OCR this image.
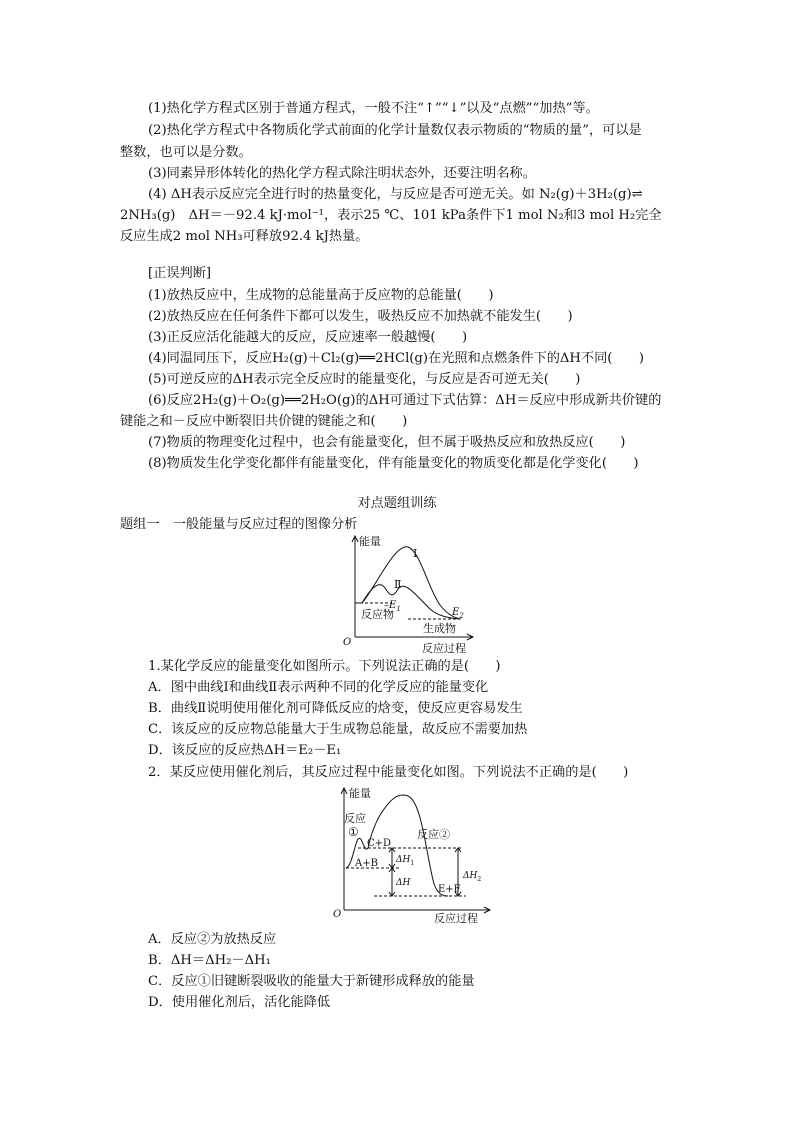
(1)热化学方程式区别于普通方程式，一般不注“↑”“↓”以及“点燃”“加热”等。
(2)热化学方程式中各物质化学式前面的化学计量数仅表示物质的“物质的量”，可以是
整数，也可以是分数。
(3)同素异形体转化的热化学方程式除注明状态外，还要注明名称。
(4) ΔH表示反应完全进行时的热量变化，与反应是否可逆无关。如 N₂(g)＋3H₂(g)⇌
2NH₃(g)　ΔH＝－92.4 kJ·mol⁻¹，表示25 ℃、101 kPa条件下1 mol N₂和3 mol H₂完全
反应生成2 mol NH₃可释放92.4 kJ热量。
[正误判断]
(1)放热反应中，生成物的总能量高于反应物的总能量(　　)
(2)放热反应在任何条件下都可以发生，吸热反应不加热就不能发生(　　)
(3)正反应活化能越大的反应，反应速率一般越慢(　　)
(4)同温同压下，反应H₂(g)＋Cl₂(g)══2HCl(g)在光照和点燃条件下的ΔH不同(　　)
(5)可逆反应的ΔH表示完全反应时的能量变化，与反应是否可逆无关(　　)
(6)反应2H₂(g)＋O₂(g)══2H₂O(g)的ΔH可通过下式估算：ΔH＝反应中形成新共价键的
键能之和－反应中断裂旧共价键的键能之和(　　)
(7)物质的物理变化过程中，也会有能量变化，但不属于吸热反应和放热反应(　　)
(8)物质发生化学变化都伴有能量变化，伴有能量变化的物质变化都是化学变化(　　)
对点题组训练
题组一　一般能量与反应过程的图像分析
能量
Ⅰ
Ⅱ
$-E_1$	$E_2$
反应物
生成物
O	反应过程
1.某化学反应的能量变化如图所示。下列说法正确的是(　　)
A．图中曲线Ⅰ和曲线Ⅱ表示两种不同的化学反应的能量变化
B．曲线Ⅱ说明使用催化剂可降低反应的焓变，使反应更容易发生
C．该反应的反应物总能量大于生成物总能量，故反应不需要加热
D．该反应的反应热ΔH＝E₂－E₁
2．某反应使用催化剂后，其反应过程中能量变化如图。下列说法不正确的是(　　)
能量
反应
①
C+D
反应②
A+B $\Delta H_1$
ΔH
E+F
$\Delta H_2$
O	反应过程
A．反应②为放热反应
B．ΔH＝ΔH₂－ΔH₁
C．反应①旧键断裂吸收的能量大于新键形成释放的能量
D．使用催化剂后，活化能降低
